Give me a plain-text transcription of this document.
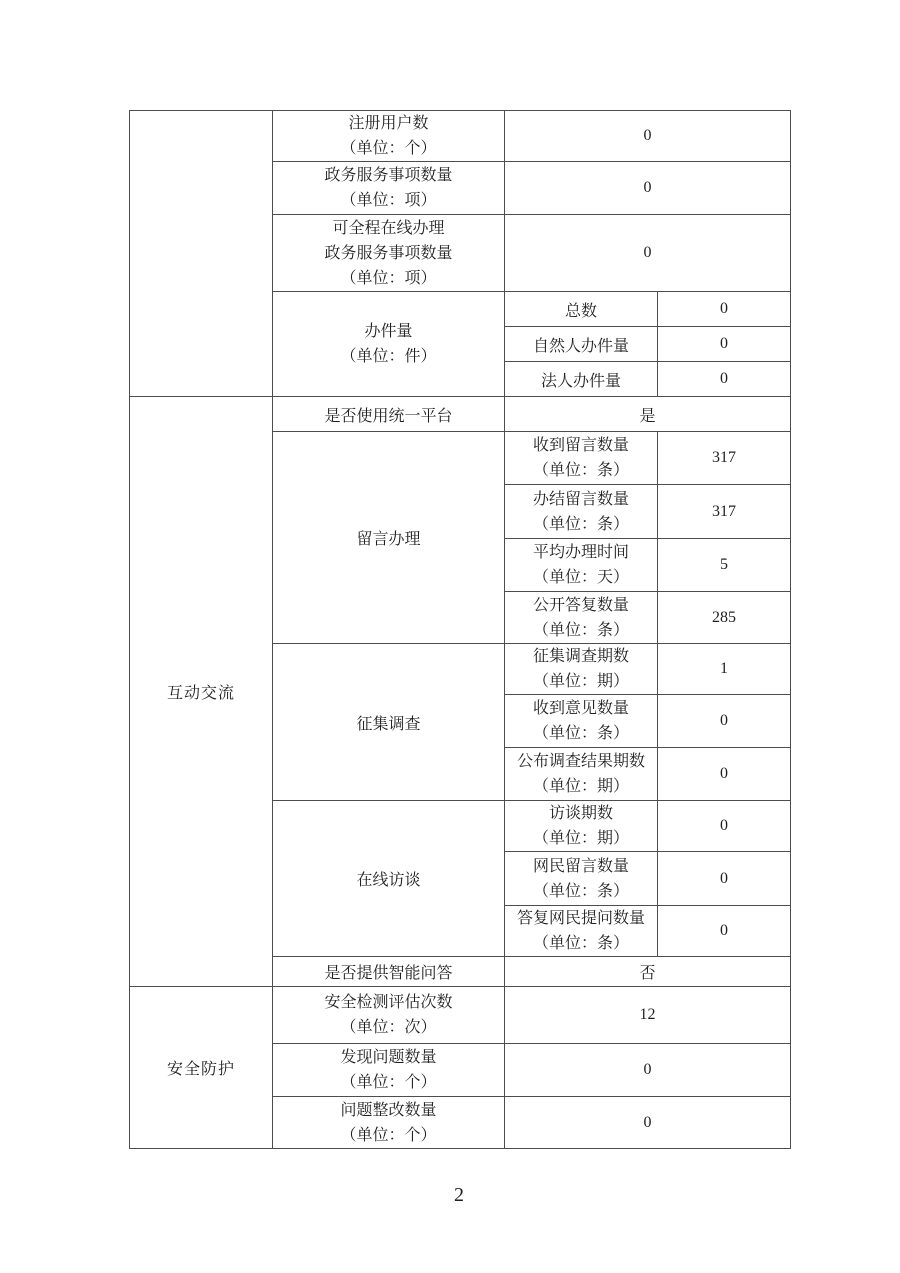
	注册用户数
（单位：个）	0	

	政务服务事项数量
（单位：项）	0	

	可全程在线办理
政务服务事项数量
（单位：项）	0	

	办件量
（单位：件）	总数	0
		自然人办件量	0
		法人办件量	0
互动交流	是否使用统一平台	是	
	留言办理	收到留言数量
（单位：条）	317

		办结留言数量
（单位：条）	317

		平均办理时间
（单位：天）	5

		公开答复数量
（单位：条）	285
	征集调查	征集调查期数
（单位：期）	1

		收到意见数量
（单位：条）	0

		公布调查结果期数
（单位：期）	0
	在线访谈	访谈期数
（单位：期）	0

		网民留言数量
（单位：条）	0

		答复网民提问数量
（单位：条）	0
	是否提供智能问答	否	
安全防护	安全检测评估次数
（单位：次）	12	

	发现问题数量
（单位：个）	0	

	问题整改数量
（单位：个）	0	
2
